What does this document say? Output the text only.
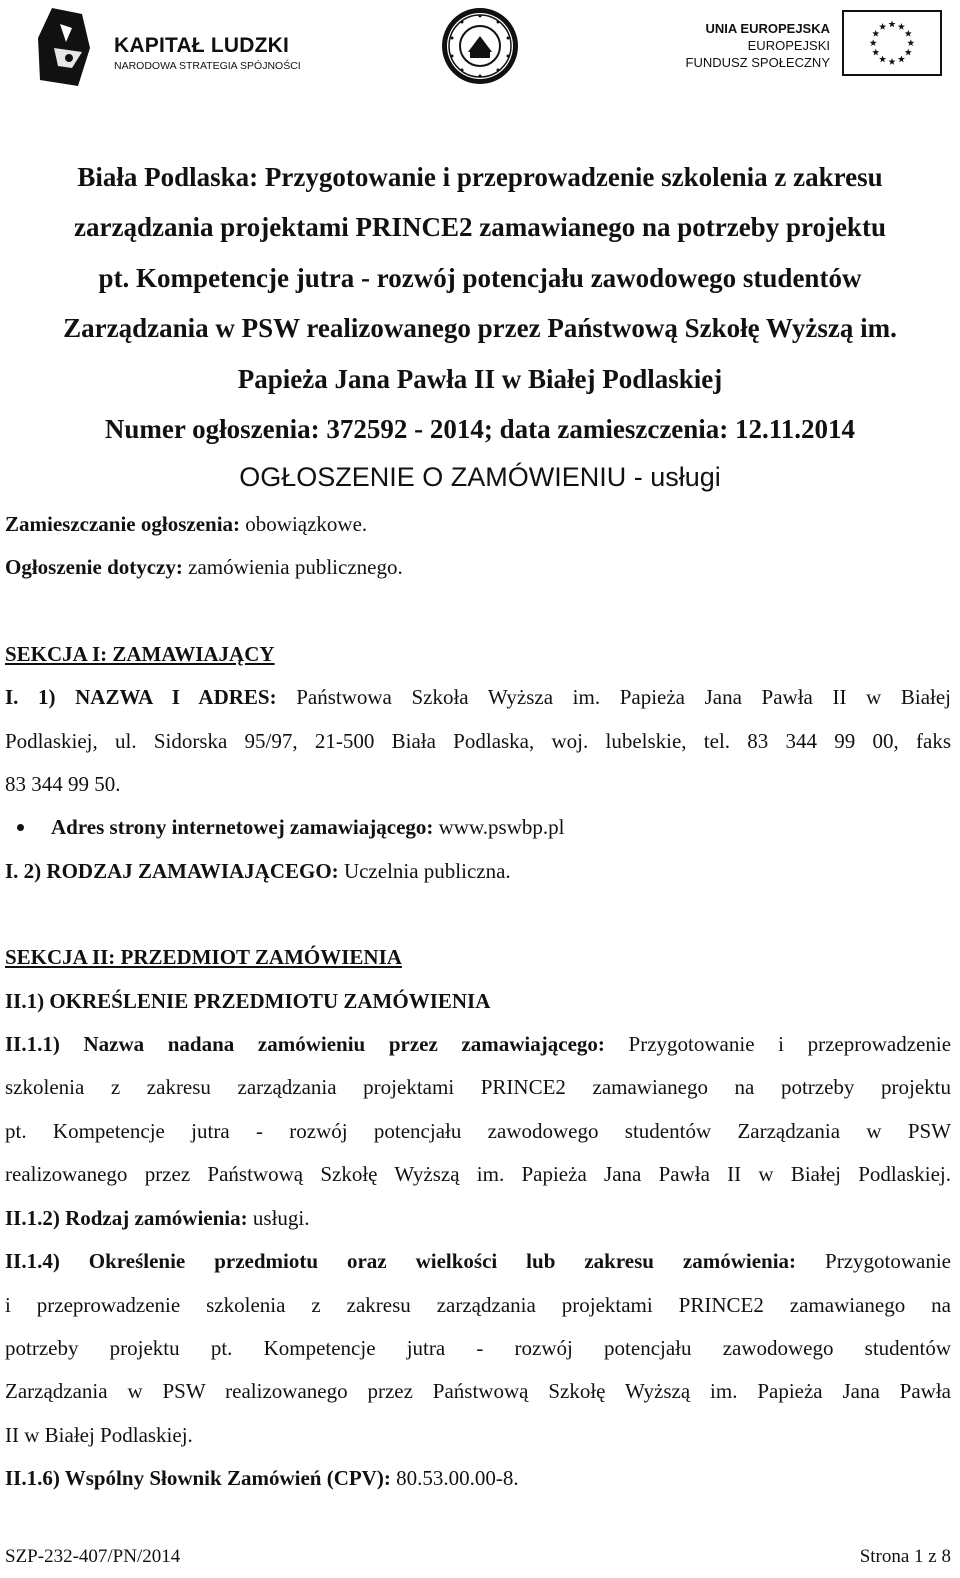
KAPITAŁ LUDZKI
NARODOWA STRATEGIA SPÓJNOŚCI
UNIA EUROPEJSKA
EUROPEJSKI
FUNDUSZ SPOŁECZNY
Biała Podlaska: Przygotowanie i przeprowadzenie szkolenia z zakresu
zarządzania projektami PRINCE2 zamawianego na potrzeby projektu
pt. Kompetencje jutra - rozwój potencjału zawodowego studentów
Zarządzania w PSW realizowanego przez Państwową Szkołę Wyższą im.
Papieża Jana Pawła II w Białej Podlaskiej
Numer ogłoszenia: 372592 - 2014; data zamieszczenia: 12.11.2014
OGŁOSZENIE O ZAMÓWIENIU - usługi
Zamieszczanie ogłoszenia: obowiązkowe.
Ogłoszenie dotyczy: zamówienia publicznego.
SEKCJA I: ZAMAWIAJĄCY
I. 1) NAZWA I ADRES: Państwowa Szkoła Wyższa im. Papieża Jana Pawła II w Białej
Podlaskiej, ul. Sidorska 95/97, 21-500 Biała Podlaska, woj. lubelskie, tel. 83 344 99 00, faks
83 344 99 50.
Adres strony internetowej zamawiającego: www.pswbp.pl
I. 2) RODZAJ ZAMAWIAJĄCEGO: Uczelnia publiczna.
SEKCJA II: PRZEDMIOT ZAMÓWIENIA
II.1) OKREŚLENIE PRZEDMIOTU ZAMÓWIENIA
II.1.1) Nazwa nadana zamówieniu przez zamawiającego: Przygotowanie i przeprowadzenie
szkolenia z zakresu zarządzania projektami PRINCE2 zamawianego na potrzeby projektu
pt. Kompetencje jutra - rozwój potencjału zawodowego studentów Zarządzania w PSW
realizowanego przez Państwową Szkołę Wyższą im. Papieża Jana Pawła II w Białej Podlaskiej.
II.1.2) Rodzaj zamówienia: usługi.
II.1.4) Określenie przedmiotu oraz wielkości lub zakresu zamówienia: Przygotowanie
i przeprowadzenie szkolenia z zakresu zarządzania projektami PRINCE2 zamawianego na
potrzeby projektu pt. Kompetencje jutra - rozwój potencjału zawodowego studentów
Zarządzania w PSW realizowanego przez Państwową Szkołę Wyższą im. Papieża Jana Pawła
II w Białej Podlaskiej.
II.1.6) Wspólny Słownik Zamówień (CPV): 80.53.00.00-8.
SZP-232-407/PN/2014	Strona 1 z 8
